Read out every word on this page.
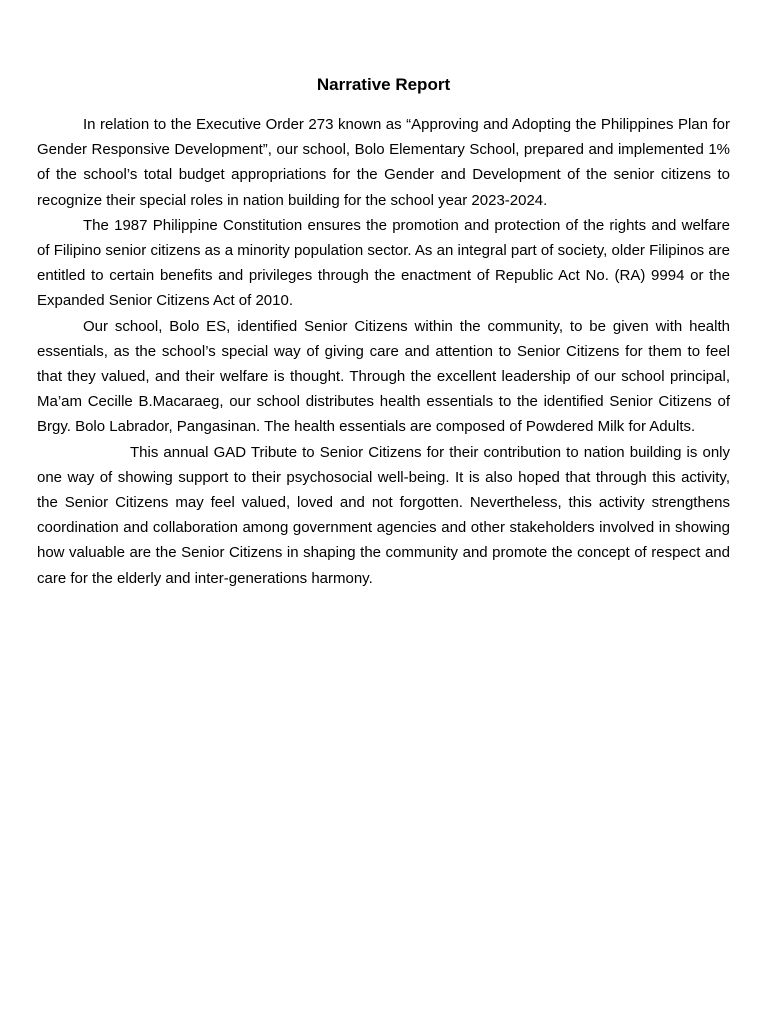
Narrative Report

In relation to the Executive Order 273 known as “Approving and Adopting the Philippines Plan for Gender Responsive Development”, our school, Bolo Elementary School, prepared and implemented 1% of the school’s total budget appropriations for the Gender and Development of the senior citizens to recognize their special roles in nation building for the school year 2023-2024.

The 1987 Philippine Constitution ensures the promotion and protection of the rights and welfare of Filipino senior citizens as a minority population sector. As an integral part of society, older Filipinos are entitled to certain benefits and privileges through the enactment of Republic Act No. (RA) 9994 or the Expanded Senior Citizens Act of 2010.

Our school, Bolo ES, identified Senior Citizens within the community, to be given with health essentials, as the school’s special way of giving care and attention to Senior Citizens for them to feel that they valued, and their welfare is thought. Through the excellent leadership of our school principal, Ma’am Cecille B.Macaraeg, our school distributes health essentials to the identified Senior Citizens of Brgy. Bolo Labrador, Pangasinan. The health essentials are composed of Powdered Milk for Adults.

This annual GAD Tribute to Senior Citizens for their contribution to nation building is only one way of showing support to their psychosocial well-being. It is also hoped that through this activity, the Senior Citizens may feel valued, loved and not forgotten. Nevertheless, this activity strengthens coordination and collaboration among government agencies and other stakeholders involved in showing how valuable are the Senior Citizens in shaping the community and promote the concept of respect and care for the elderly and inter-generations harmony.
